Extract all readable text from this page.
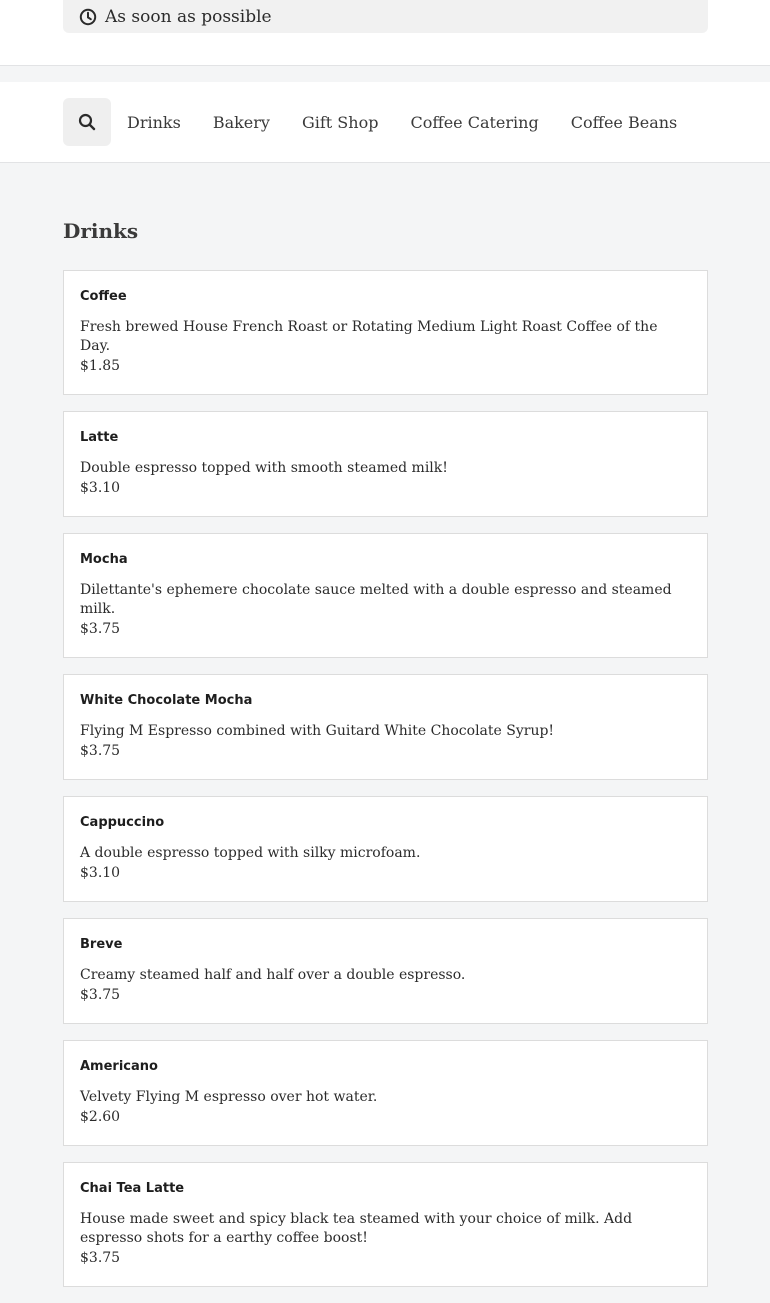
As soon as possible
Drinks Bakery Gift Shop Coffee Catering Coffee Beans
Drinks
Coffee
Fresh brewed House French Roast or Rotating Medium Light Roast Coffee of the Day.
$1.85
Latte
Double espresso topped with smooth steamed milk!
$3.10
Mocha
Dilettante's ephemere chocolate sauce melted with a double espresso and steamed milk.
$3.75
White Chocolate Mocha
Flying M Espresso combined with Guitard White Chocolate Syrup!
$3.75
Cappuccino
A double espresso topped with silky microfoam.
$3.10
Breve
Creamy steamed half and half over a double espresso.
$3.75
Americano
Velvety Flying M espresso over hot water.
$2.60
Chai Tea Latte
House made sweet and spicy black tea steamed with your choice of milk. Add espresso shots for a earthy coffee boost!
$3.75
